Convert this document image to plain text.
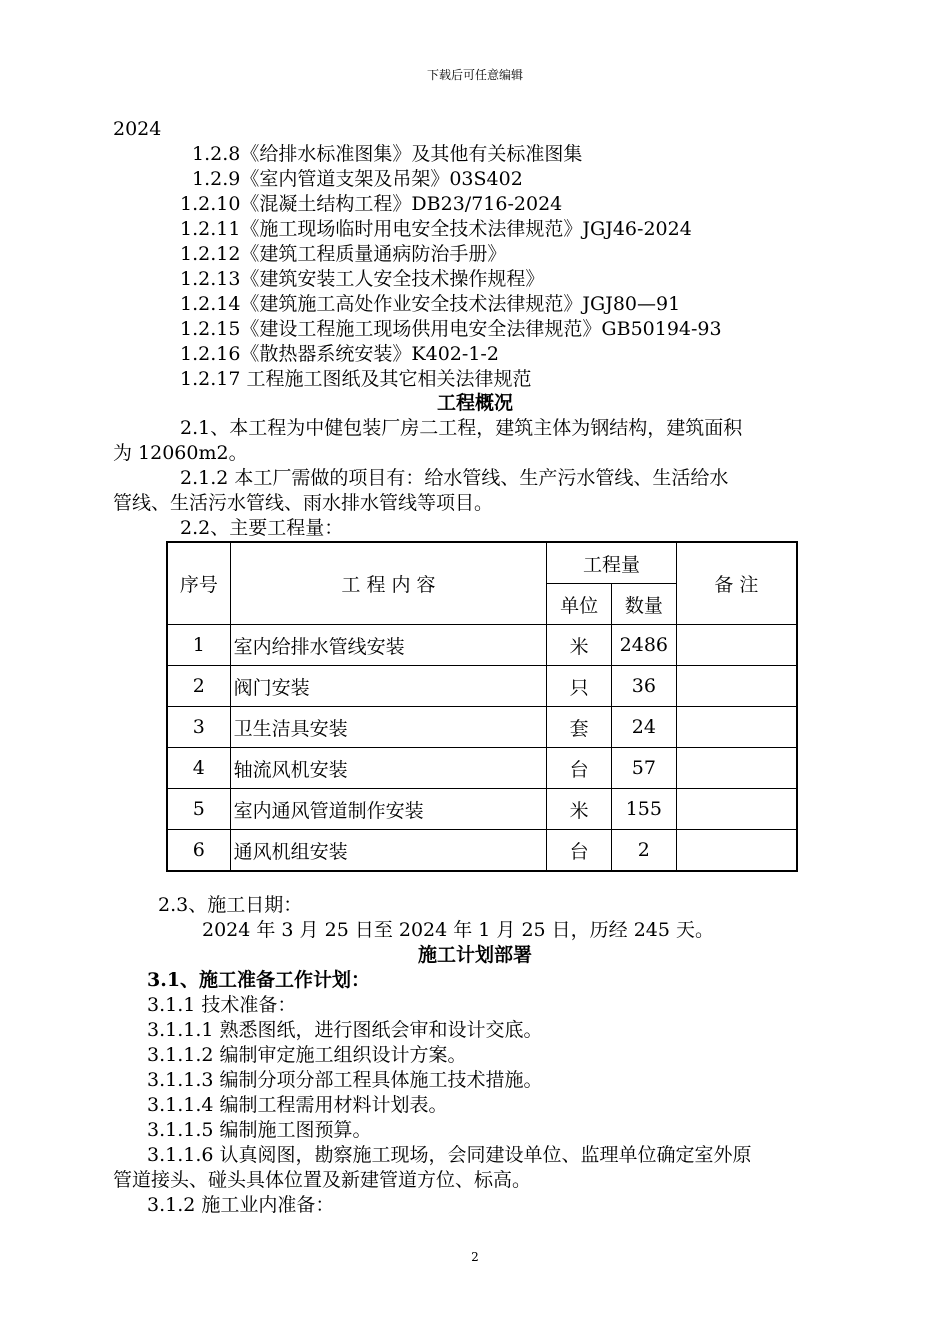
下载后可任意编辑
2024
1.2.8《给排水标准图集》及其他有关标准图集
1.2.9《室内管道支架及吊架》03S402
1.2.10《混凝土结构工程》DB23/716-2024
1.2.11《施工现场临时用电安全技术法律规范》JGJ46-2024
1.2.12《建筑工程质量通病防治手册》
1.2.13《建筑安装工人安全技术操作规程》
1.2.14《建筑施工高处作业安全技术法律规范》JGJ80—91
1.2.15《建设工程施工现场供用电安全法律规范》GB50194-93
1.2.16《散热器系统安装》K402-1-2
1.2.17 工程施工图纸及其它相关法律规范
工程概况
2.1、本工程为中健包装厂房二工程，建筑主体为钢结构，建筑面积
为 12060m2。
2.1.2 本工厂需做的项目有：给水管线、生产污水管线、生活给水
管线、生活污水管线、雨水排水管线等项目。
2.2、主要工程量：
序号	工 程 内 容	工程量		备 注
		单位	数量	
1	室内给排水管线安装	米	2486	
2	阀门安装	只	36	
3	卫生洁具安装	套	24	
4	轴流风机安装	台	57	
5	室内通风管道制作安装	米	155	
6	通风机组安装	台	2	
2.3、施工日期：
2024 年 3 月 25 日至 2024 年 1 月 25 日，历经 245 天。
施工计划部署
3.1、施工准备工作计划：
3.1.1 技术准备：
3.1.1.1 熟悉图纸，进行图纸会审和设计交底。
3.1.1.2 编制审定施工组织设计方案。
3.1.1.3 编制分项分部工程具体施工技术措施。
3.1.1.4 编制工程需用材料计划表。
3.1.1.5 编制施工图预算。
3.1.1.6 认真阅图，勘察施工现场，会同建设单位、监理单位确定室外原
管道接头、碰头具体位置及新建管道方位、标高。
3.1.2 施工业内准备：
2
